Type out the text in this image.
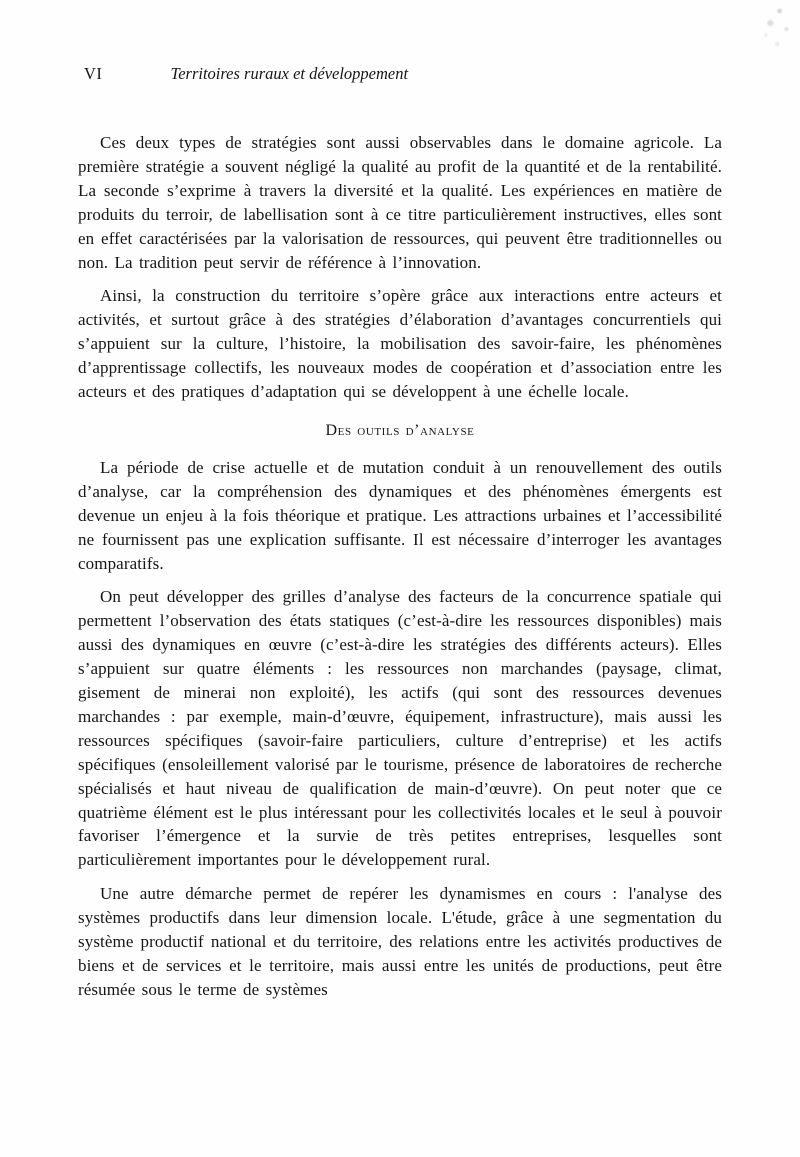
VI	Territoires ruraux et développement

Ces deux types de stratégies sont aussi observables dans le domaine agricole. La première stratégie a souvent négligé la qualité au profit de la quantité et de la rentabilité. La seconde s’exprime à travers la diversité et la qualité. Les expériences en matière de produits du terroir, de labellisation sont à ce titre particulièrement instructives, elles sont en effet caractérisées par la valorisation de ressources, qui peuvent être traditionnelles ou non. La tradition peut servir de référence à l’innovation.

Ainsi, la construction du territoire s’opère grâce aux interactions entre acteurs et activités, et surtout grâce à des stratégies d’élaboration d’avantages concurrentiels qui s’appuient sur la culture, l’histoire, la mobilisation des savoir-faire, les phénomènes d’apprentissage collectifs, les nouveaux modes de coopération et d’association entre les acteurs et des pratiques d’adaptation qui se développent à une échelle locale.

Des outils d’analyse

La période de crise actuelle et de mutation conduit à un renouvellement des outils d’analyse, car la compréhension des dynamiques et des phénomènes émergents est devenue un enjeu à la fois théorique et pratique. Les attractions urbaines et l’accessibilité ne fournissent pas une explication suffisante. Il est nécessaire d’interroger les avantages comparatifs.

On peut développer des grilles d’analyse des facteurs de la concurrence spatiale qui permettent l’observation des états statiques (c’est-à-dire les ressources disponibles) mais aussi des dynamiques en œuvre (c’est-à-dire les stratégies des différents acteurs). Elles s’appuient sur quatre éléments : les ressources non marchandes (paysage, climat, gisement de minerai non exploité), les actifs (qui sont des ressources devenues marchandes : par exemple, main-d’œuvre, équipement, infrastructure), mais aussi les ressources spécifiques (savoir-faire particuliers, culture d’entreprise) et les actifs spécifiques (ensoleillement valorisé par le tourisme, présence de laboratoires de recherche spécialisés et haut niveau de qualification de main-d’œuvre). On peut noter que ce quatrième élément est le plus intéressant pour les collectivités locales et le seul à pouvoir favoriser l’émergence et la survie de très petites entreprises, lesquelles sont particulièrement importantes pour le développement rural.

Une autre démarche permet de repérer les dynamismes en cours : l'analyse des systèmes productifs dans leur dimension locale. L'étude, grâce à une segmentation du système productif national et du territoire, des relations entre les activités productives de biens et de services et le territoire, mais aussi entre les unités de productions, peut être résumée sous le terme de systèmes
